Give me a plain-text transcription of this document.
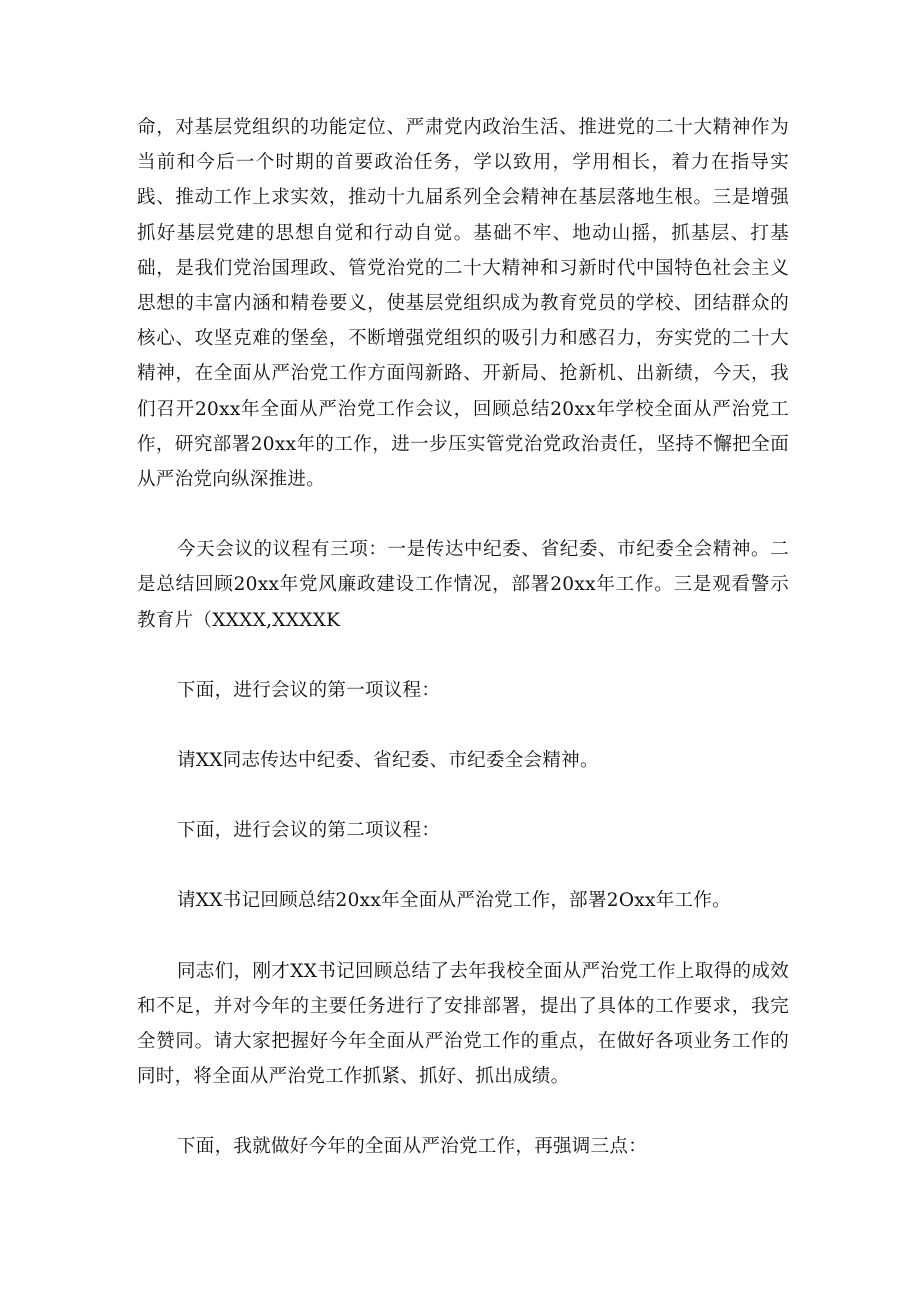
命，对基层党组织的功能定位、严肃党内政治生活、推进党的二十大精神作为当前和今后一个时期的首要政治任务，学以致用，学用相长，着力在指导实践、推动工作上求实效，推动十九届系列全会精神在基层落地生根。三是增强抓好基层党建的思想自觉和行动自觉。基础不牢、地动山摇，抓基层、打基础，是我们党治国理政、管党治党的二十大精神和习新时代中国特色社会主义思想的丰富内涵和精卷要义，使基层党组织成为教育党员的学校、团结群众的核心、攻坚克难的堡垒，不断增强党组织的吸引力和感召力，夯实党的二十大精神，在全面从严治党工作方面闯新路、开新局、抢新机、出新绩，今天，我们召开20xx年全面从严治党工作会议，回顾总结20xx年学校全面从严治党工作，研究部署20xx年的工作，进一步压实管党治党政治责任，坚持不懈把全面从严治党向纵深推进。

今天会议的议程有三项：一是传达中纪委、省纪委、市纪委全会精神。二是总结回顾20xx年党风廉政建设工作情况，部署20xx年工作。三是观看警示教育片（XXXX,XXXXK

下面，进行会议的第一项议程：

请XX同志传达中纪委、省纪委、市纪委全会精神。

下面，进行会议的第二项议程：

请XX书记回顾总结20xx年全面从严治党工作，部署2Oxx年工作。

同志们，刚才XX书记回顾总结了去年我校全面从严治党工作上取得的成效和不足，并对今年的主要任务进行了安排部署，提出了具体的工作要求，我完全赞同。请大家把握好今年全面从严治党工作的重点，在做好各项业务工作的同时，将全面从严治党工作抓紧、抓好、抓出成绩。

下面，我就做好今年的全面从严治党工作，再强调三点：
